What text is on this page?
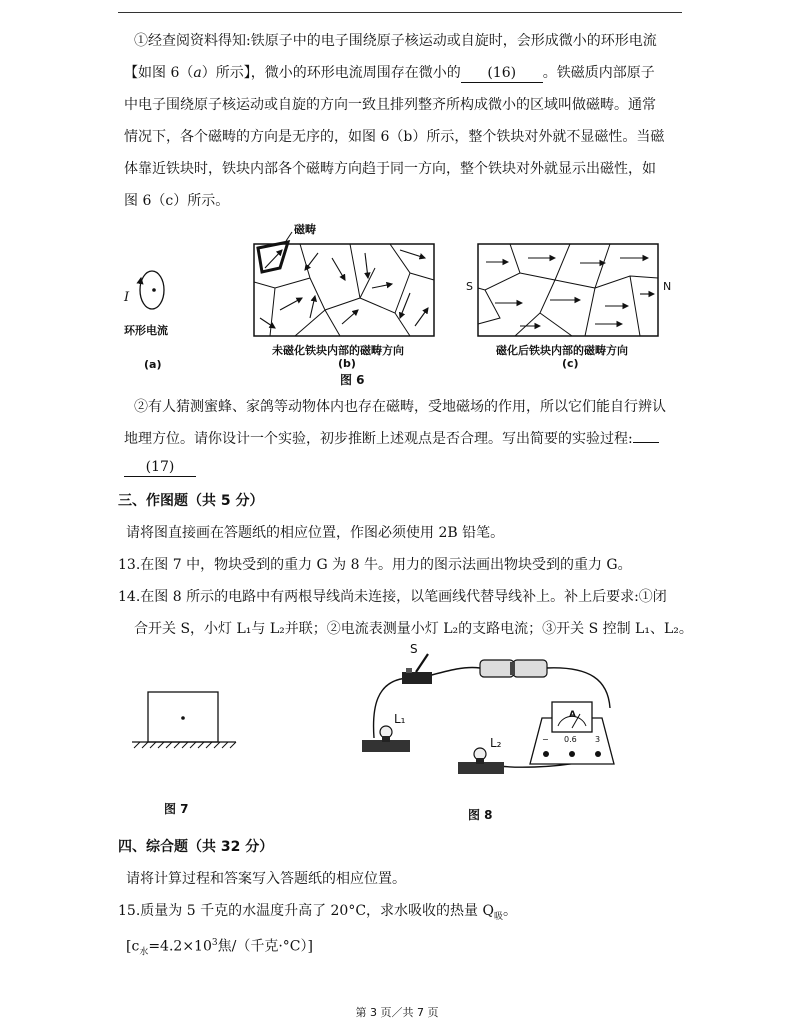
①经查阅资料得知:铁原子中的电子围绕原子核运动或自旋时，会形成微小的环形电流

【如图 6（a）所示】，微小的环形电流周围存在微小的 (16) 。铁磁质内部原子

中电子围绕原子核运动或自旋的方向一致且排列整齐所构成微小的区域叫做磁畴。通常

情况下，各个磁畴的方向是无序的，如图 6（b）所示，整个铁块对外就不显磁性。当磁

体靠近铁块时，铁块内部各个磁畴方向趋于同一方向，整个铁块对外就显示出磁性，如

图 6（c）所示。

磁畴
I
环形电流
(a)
未磁化铁块内部的磁畴方向
(b)
磁化后铁块内部的磁畴方向
(c)
S	N
图 6

②有人猜测蜜蜂、家鸽等动物体内也存在磁畴，受地磁场的作用，所以它们能自行辨认

地理方位。请你设计一个实验，初步推断上述观点是否合理。写出简要的实验过程:

(17)

三、作图题（共 5 分）

请将图直接画在答题纸的相应位置，作图必须使用 2B 铅笔。

13.在图 7 中，物块受到的重力 G 为 8 牛。用力的图示法画出物块受到的重力 G。

14.在图 8 所示的电路中有两根导线尚未连接，以笔画线代替导线补上。补上后要求:①闭

合开关 S，小灯 L₁与 L₂并联；②电流表测量小灯 L₂的支路电流；③开关 S 控制 L₁、L₂。

图 7
S
L₁
L₂
A
− 0.6 3
图 8

四、综合题（共 32 分）

请将计算过程和答案写入答题纸的相应位置。

15.质量为 5 千克的水温度升高了 20°C，求水吸收的热量 $Q_吸$。

[$c_水=4.2\times 10^3$焦/（千克·°C）]

第 3 页／共 7 页
